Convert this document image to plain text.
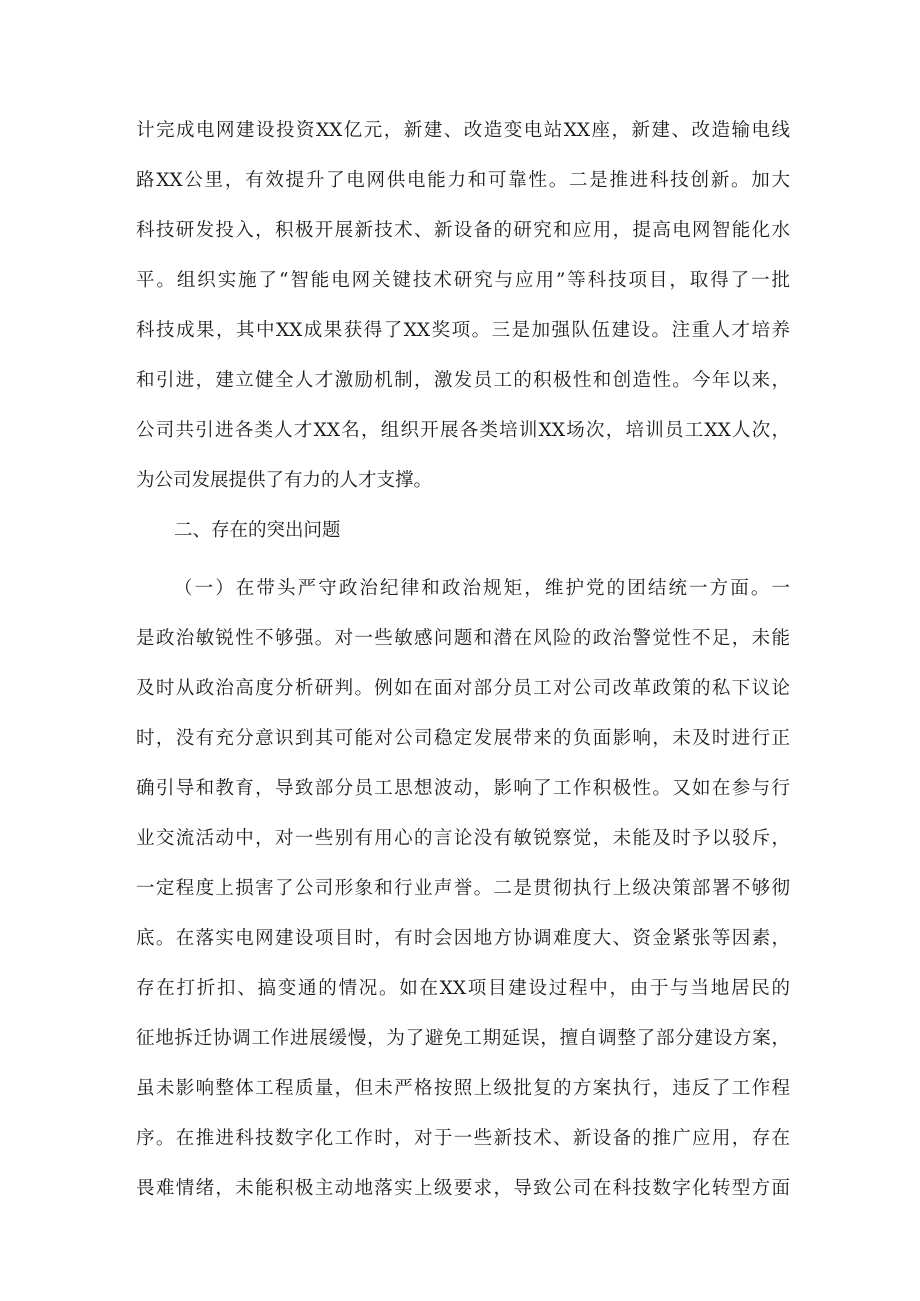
计完成电网建设投资XX亿元，新建、改造变电站XX座，新建、改造输电线
路XX公里，有效提升了电网供电能力和可靠性。二是推进科技创新。加大
科技研发投入，积极开展新技术、新设备的研究和应用，提高电网智能化水
平。组织实施了“智能电网关键技术研究与应用”等科技项目，取得了一批
科技成果，其中XX成果获得了XX奖项。三是加强队伍建设。注重人才培养
和引进，建立健全人才激励机制，激发员工的积极性和创造性。今年以来，
公司共引进各类人才XX名，组织开展各类培训XX场次，培训员工XX人次，
为公司发展提供了有力的人才支撑。
二、存在的突出问题
（一）在带头严守政治纪律和政治规矩，维护党的团结统一方面。一
是政治敏锐性不够强。对一些敏感问题和潜在风险的政治警觉性不足，未能
及时从政治高度分析研判。例如在面对部分员工对公司改革政策的私下议论
时，没有充分意识到其可能对公司稳定发展带来的负面影响，未及时进行正
确引导和教育，导致部分员工思想波动，影响了工作积极性。又如在参与行
业交流活动中，对一些别有用心的言论没有敏锐察觉，未能及时予以驳斥，
一定程度上损害了公司形象和行业声誉。二是贯彻执行上级决策部署不够彻
底。在落实电网建设项目时，有时会因地方协调难度大、资金紧张等因素，
存在打折扣、搞变通的情况。如在XX项目建设过程中，由于与当地居民的
征地拆迁协调工作进展缓慢，为了避免工期延误，擅自调整了部分建设方案，
虽未影响整体工程质量，但未严格按照上级批复的方案执行，违反了工作程
序。在推进科技数字化工作时，对于一些新技术、新设备的推广应用，存在
畏难情绪，未能积极主动地落实上级要求，导致公司在科技数字化转型方面
